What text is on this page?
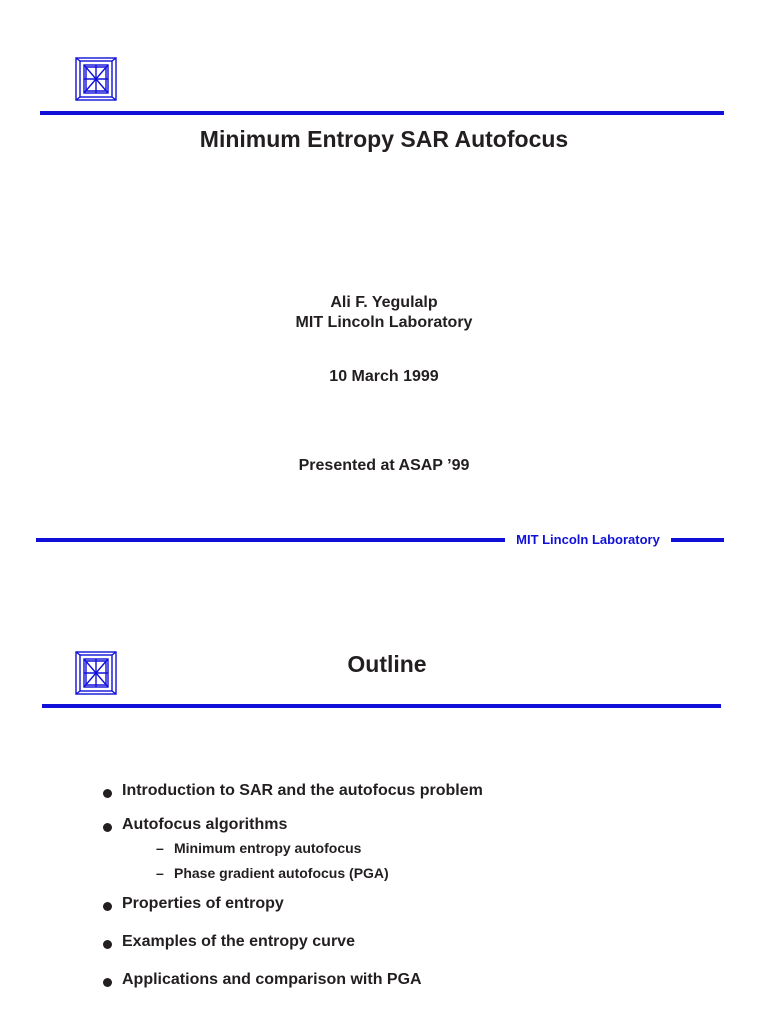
Minimum Entropy SAR Autofocus
Ali F. Yegulalp
MIT Lincoln Laboratory
10 March 1999
Presented at ASAP ’99
MIT Lincoln Laboratory
Outline
Introduction to SAR and the autofocus problem
Autofocus algorithms
– Minimum entropy autofocus
– Phase gradient autofocus (PGA)
Properties of entropy
Examples of the entropy curve
Applications and comparison with PGA
